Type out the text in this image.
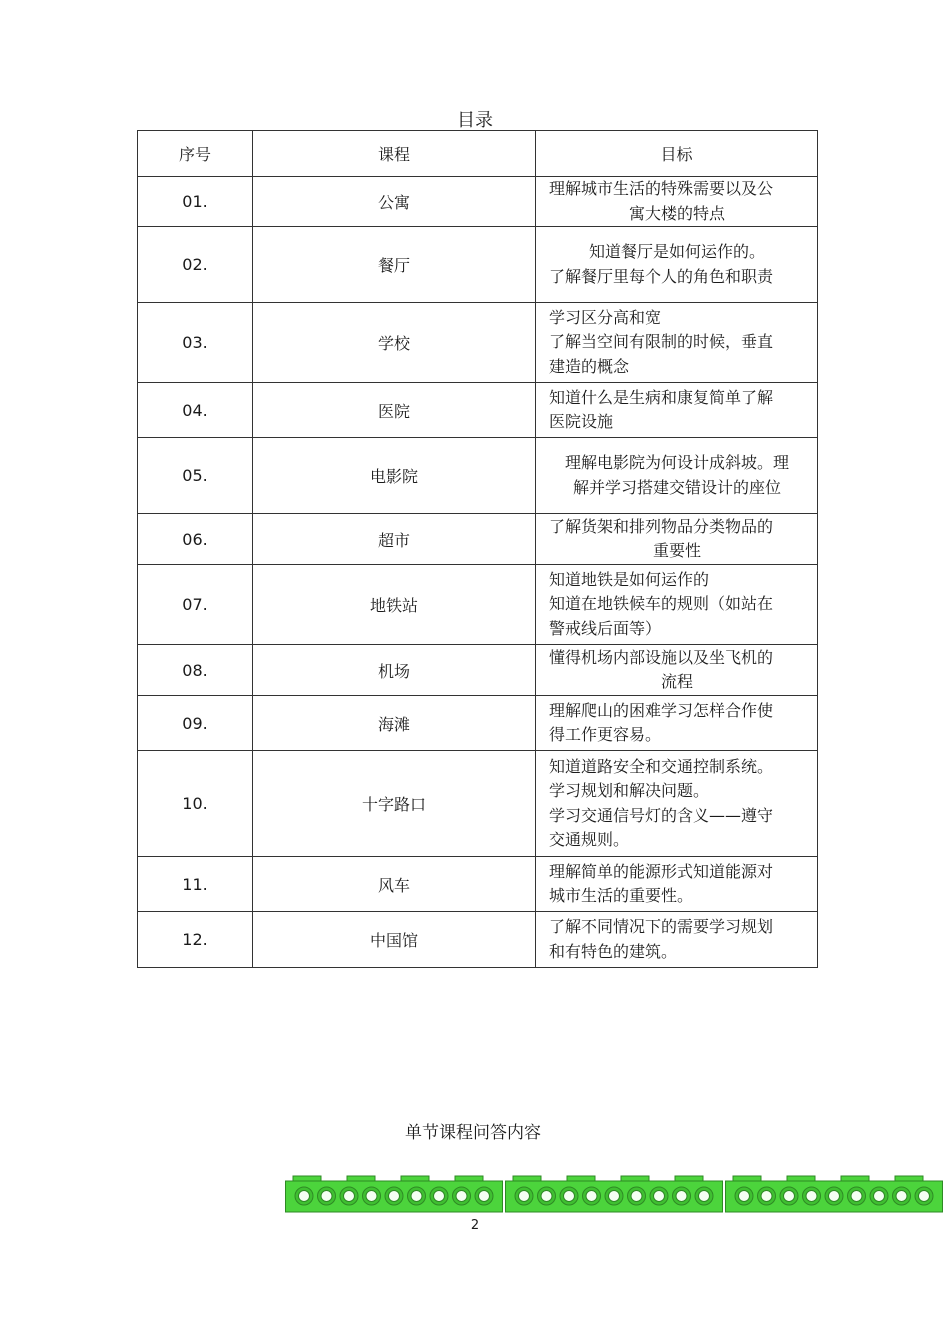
目录
序号	课程	目标
01.	公寓	理解城市生活的特殊需要以及公
寓大楼的特点

02.	餐厅	知道餐厅是如何运作的。
了解餐厅里每个人的角色和职责

03.	学校	学习区分高和宽
了解当空间有限制的时候，垂直
建造的概念

04.	医院	知道什么是生病和康复简单了解
医院设施

05.	电影院	理解电影院为何设计成斜坡。理
解并学习搭建交错设计的座位

06.	超市	了解货架和排列物品分类物品的
重要性

07.	地铁站	知道地铁是如何运作的
知道在地铁候车的规则（如站在
警戒线后面等）

08.	机场	懂得机场内部设施以及坐飞机的
流程

09.	海滩	理解爬山的困难学习怎样合作使
得工作更容易。

10.	十字路口	知道道路安全和交通控制系统。
学习规划和解决问题。
学习交通信号灯的含义——遵守
交通规则。

11.	风车	理解简单的能源形式知道能源对
城市生活的重要性。

12.	中国馆	了解不同情况下的需要学习规划
和有特色的建筑。
单节课程问答内容
2
